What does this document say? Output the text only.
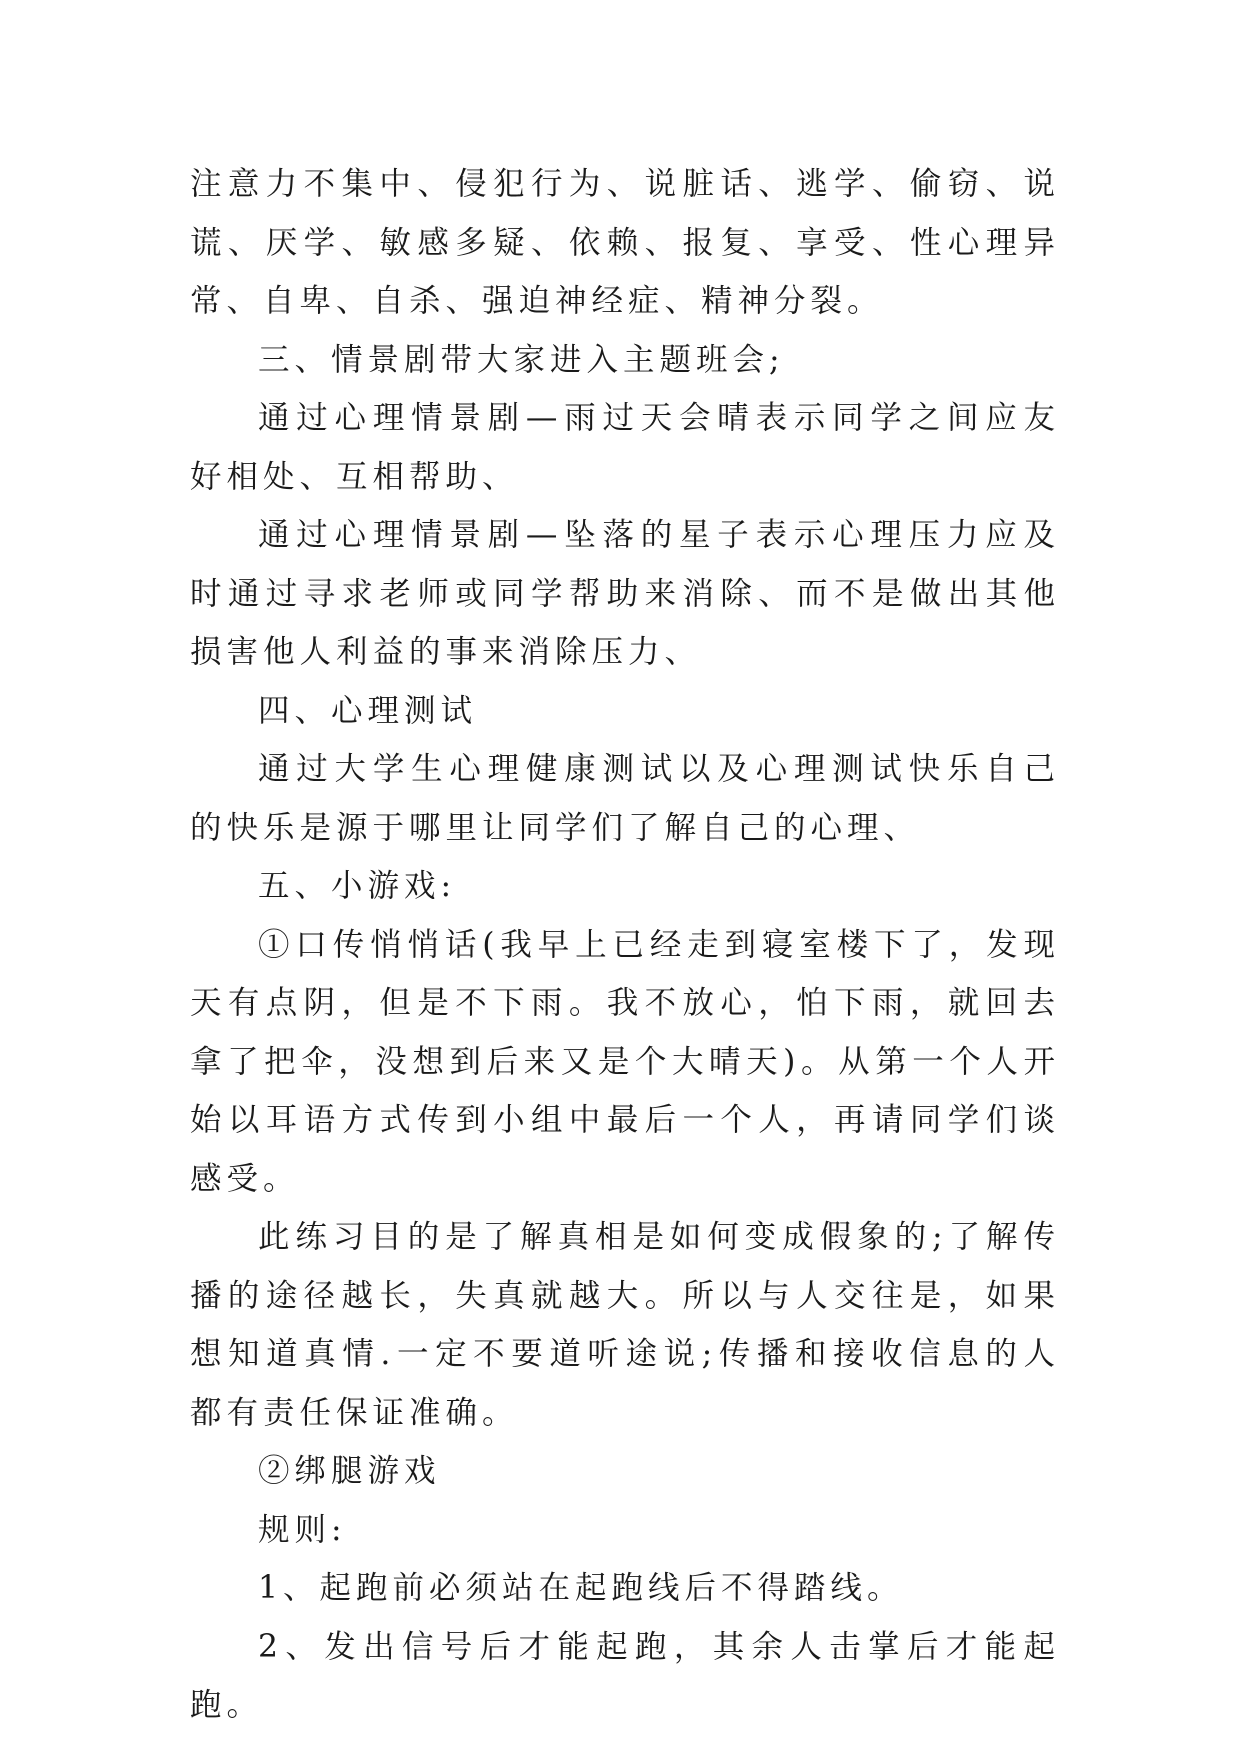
注意力不集中、侵犯行为、说脏话、逃学、偷窃、说谎、厌学、敏感多疑、依赖、报复、享受、性心理异常、自卑、自杀、强迫神经症、精神分裂。

三、情景剧带大家进入主题班会;

通过心理情景剧—雨过天会晴表示同学之间应友好相处、互相帮助、

通过心理情景剧—坠落的星子表示心理压力应及时通过寻求老师或同学帮助来消除、而不是做出其他损害他人利益的事来消除压力、

四、心理测试

通过大学生心理健康测试以及心理测试快乐自己的快乐是源于哪里让同学们了解自己的心理、

五、小游戏:

①口传悄悄话(我早上已经走到寝室楼下了，发现天有点阴，但是不下雨。我不放心，怕下雨，就回去拿了把伞，没想到后来又是个大晴天)。从第一个人开始以耳语方式传到小组中最后一个人，再请同学们谈感受。

此练习目的是了解真相是如何变成假象的;了解传播的途径越长，失真就越大。所以与人交往是，如果想知道真情.一定不要道听途说;传播和接收信息的人都有责任保证准确。

②绑腿游戏

规则:

1、起跑前必须站在起跑线后不得踏线。

2、发出信号后才能起跑，其余人击掌后才能起跑。
